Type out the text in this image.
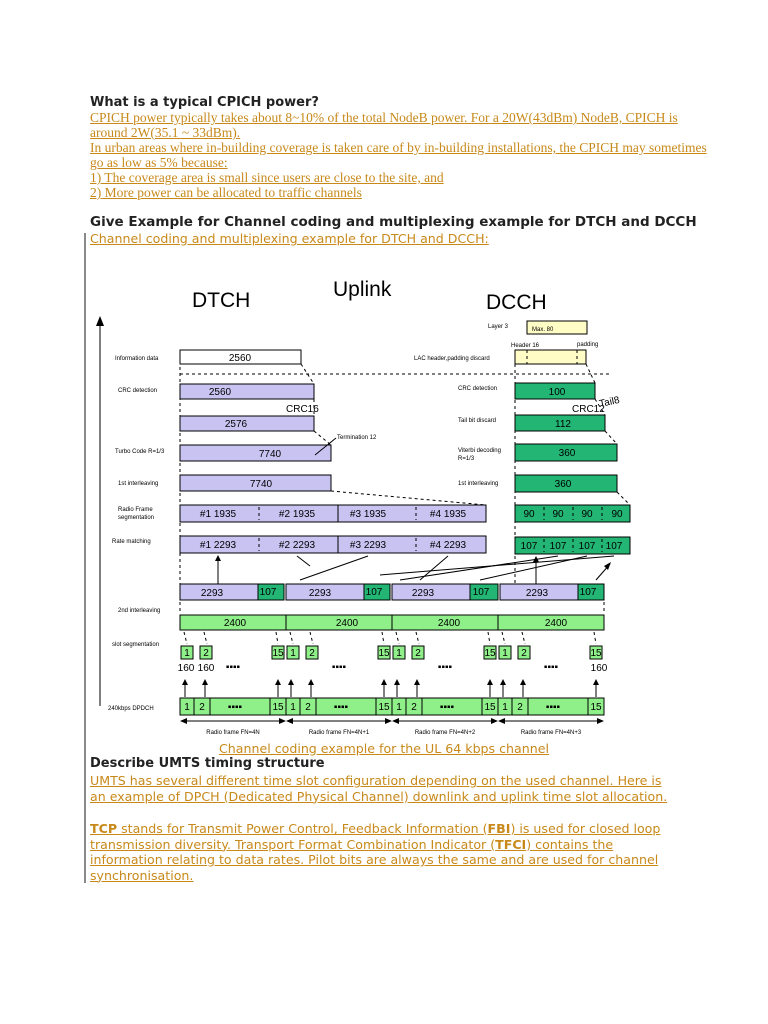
What is a typical CPICH power?
CPICH power typically takes about 8~10% of the total NodeB power. For a 20W(43dBm) NodeB, CPICH is
around 2W(35.1 ~ 33dBm).
In urban areas where in-building coverage is taken care of by in-building installations, the CPICH may sometimes
go as low as 5% because:
1) The coverage area is small since users are close to the site, and
2) More power can be allocated to traffic channels
Give Example for Channel coding and multiplexing example for DTCH and DCCH
Channel coding and multiplexing example for DTCH and DCCH:
DTCH	Uplink
DCCH
Information data
CRC detection
Turbo Code R=1/3
1st interleaving
Radio Frame
segmentation
Rate matching
2nd interleaving
slot segmentation
240kbps DPDCH
2560
2560
CRC16
2576
7740
Termination 12
7740
#1 1935	#2 1935	#3 1935	#4 1935
#1 2293	#2 2293	#3 2293	#4 2293
Layer 3	Max. 80
Header 16	padding
LAC header,padding discard
CRC detection	100
CRC12
Tail8
Tail bit discard	112
Viterbi decoding
R=1/3	360
1st interleaving	360
90 90 90 90
107 107 107 107
2293	107	2293	107	2293	107	2293	107
2400	2400	2400	2400
1 2	15
▪▪▪▪
1 2	15
▪▪▪▪
1 2	15
▪▪▪▪
1 2	15
▪▪▪▪
160 160	160
1 2	15
▪▪▪▪	1 2	15
▪▪▪▪	1 2	15
▪▪▪▪	1 2	15
▪▪▪▪
Radio frame FN=4N	Radio frame FN=4N+1	Radio frame FN=4N+2	Radio frame FN=4N+3
Channel coding example for the UL 64 kbps channel
Describe UMTS timing structure
UMTS has several different time slot configuration depending on the used channel. Here is
an example of DPCH (Dedicated Physical Channel) downlink and uplink time slot allocation.
TCP stands for Transmit Power Control, Feedback Information (FBI) is used for closed loop
transmission diversity. Transport Format Combination Indicator (TFCI) contains the
information relating to data rates. Pilot bits are always the same and are used for channel
synchronisation.
